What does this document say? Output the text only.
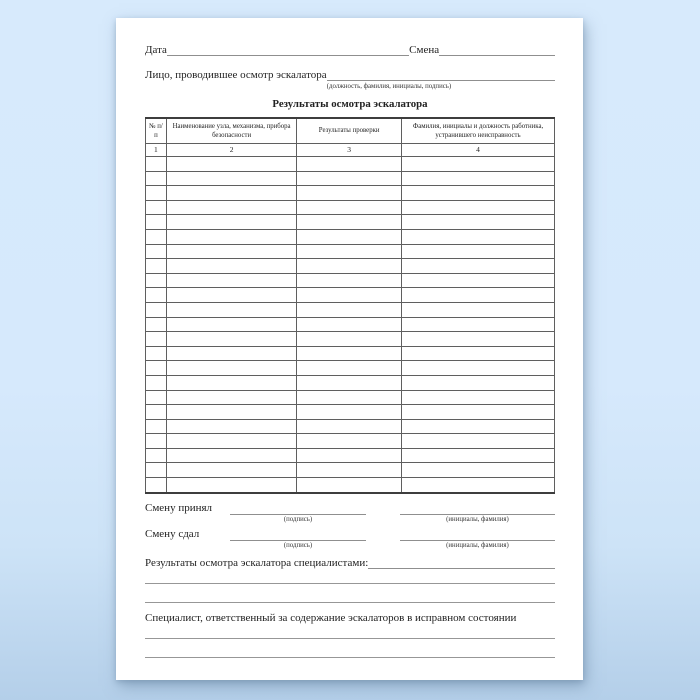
Дата	Смена
Лицо, проводившее осмотр эскалатора
(должность, фамилия, инициалы, подпись)
Результаты осмотра эскалатора
№ п/п	Наименование узла, механизма, прибора безопасности	Результаты проверки	Фамилия, инициалы и должность работника, устранившего неисправность
1	2	3	4

Смену принял
(подпись)	(инициалы, фамилия)
Смену сдал
(подпись)	(инициалы, фамилия)
Результаты осмотра эскалатора специалистами:
Специалист, ответственный за содержание эскалаторов в исправном состоянии
